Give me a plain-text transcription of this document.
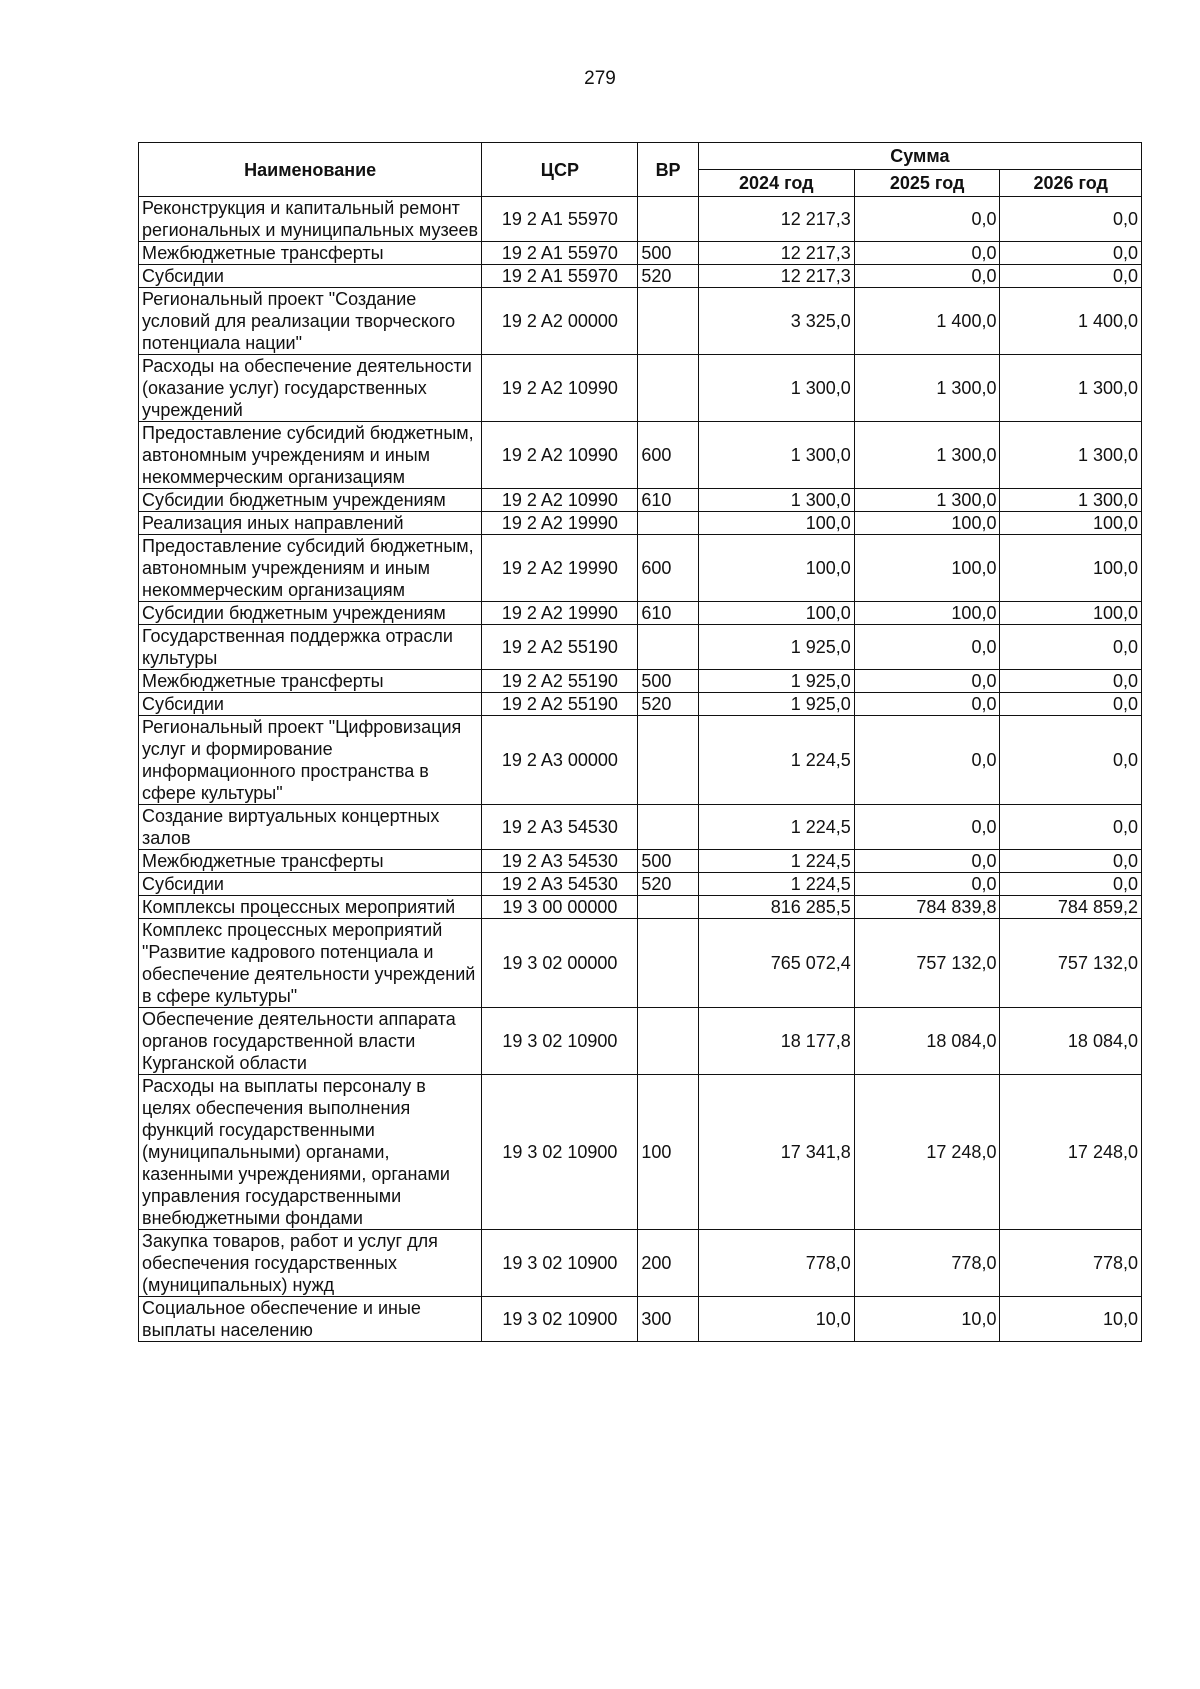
279
Наименование	ЦСР	ВР	Сумма		
			2024 год	2025 год	2026 год
Реконструкция и капитальный ремонт региональных и муниципальных музеев	19 2 A1 55970		12 217,3	0,0	0,0
Межбюджетные трансферты	19 2 A1 55970	500	12 217,3	0,0	0,0
Субсидии	19 2 A1 55970	520	12 217,3	0,0	0,0
Региональный проект "Создание условий для реализации творческого потенциала нации"	19 2 A2 00000		3 325,0	1 400,0	1 400,0
Расходы на обеспечение деятельности (оказание услуг) государственных учреждений	19 2 A2 10990		1 300,0	1 300,0	1 300,0
Предоставление субсидий бюджетным, автономным учреждениям и иным некоммерческим организациям	19 2 A2 10990	600	1 300,0	1 300,0	1 300,0
Субсидии бюджетным учреждениям	19 2 A2 10990	610	1 300,0	1 300,0	1 300,0
Реализация иных направлений	19 2 A2 19990		100,0	100,0	100,0
Предоставление субсидий бюджетным, автономным учреждениям и иным некоммерческим организациям	19 2 A2 19990	600	100,0	100,0	100,0
Субсидии бюджетным учреждениям	19 2 A2 19990	610	100,0	100,0	100,0
Государственная поддержка отрасли культуры	19 2 A2 55190		1 925,0	0,0	0,0
Межбюджетные трансферты	19 2 A2 55190	500	1 925,0	0,0	0,0
Субсидии	19 2 A2 55190	520	1 925,0	0,0	0,0
Региональный проект "Цифровизация услуг и формирование информационного пространства в сфере культуры"	19 2 A3 00000		1 224,5	0,0	0,0
Создание виртуальных концертных залов	19 2 A3 54530		1 224,5	0,0	0,0
Межбюджетные трансферты	19 2 A3 54530	500	1 224,5	0,0	0,0
Субсидии	19 2 A3 54530	520	1 224,5	0,0	0,0
Комплексы процессных мероприятий	19 3 00 00000		816 285,5	784 839,8	784 859,2
Комплекс процессных мероприятий "Развитие кадрового потенциала и обеспечение деятельности учреждений в сфере культуры"	19 3 02 00000		765 072,4	757 132,0	757 132,0
Обеспечение деятельности аппарата органов государственной власти Курганской области	19 3 02 10900		18 177,8	18 084,0	18 084,0
Расходы на выплаты персоналу в целях обеспечения выполнения функций государственными (муниципальными) органами, казенными учреждениями, органами управления государственными внебюджетными фондами	19 3 02 10900	100	17 341,8	17 248,0	17 248,0
Закупка товаров, работ и услуг для обеспечения государственных (муниципальных) нужд	19 3 02 10900	200	778,0	778,0	778,0
Социальное обеспечение и иные выплаты населению	19 3 02 10900	300	10,0	10,0	10,0
